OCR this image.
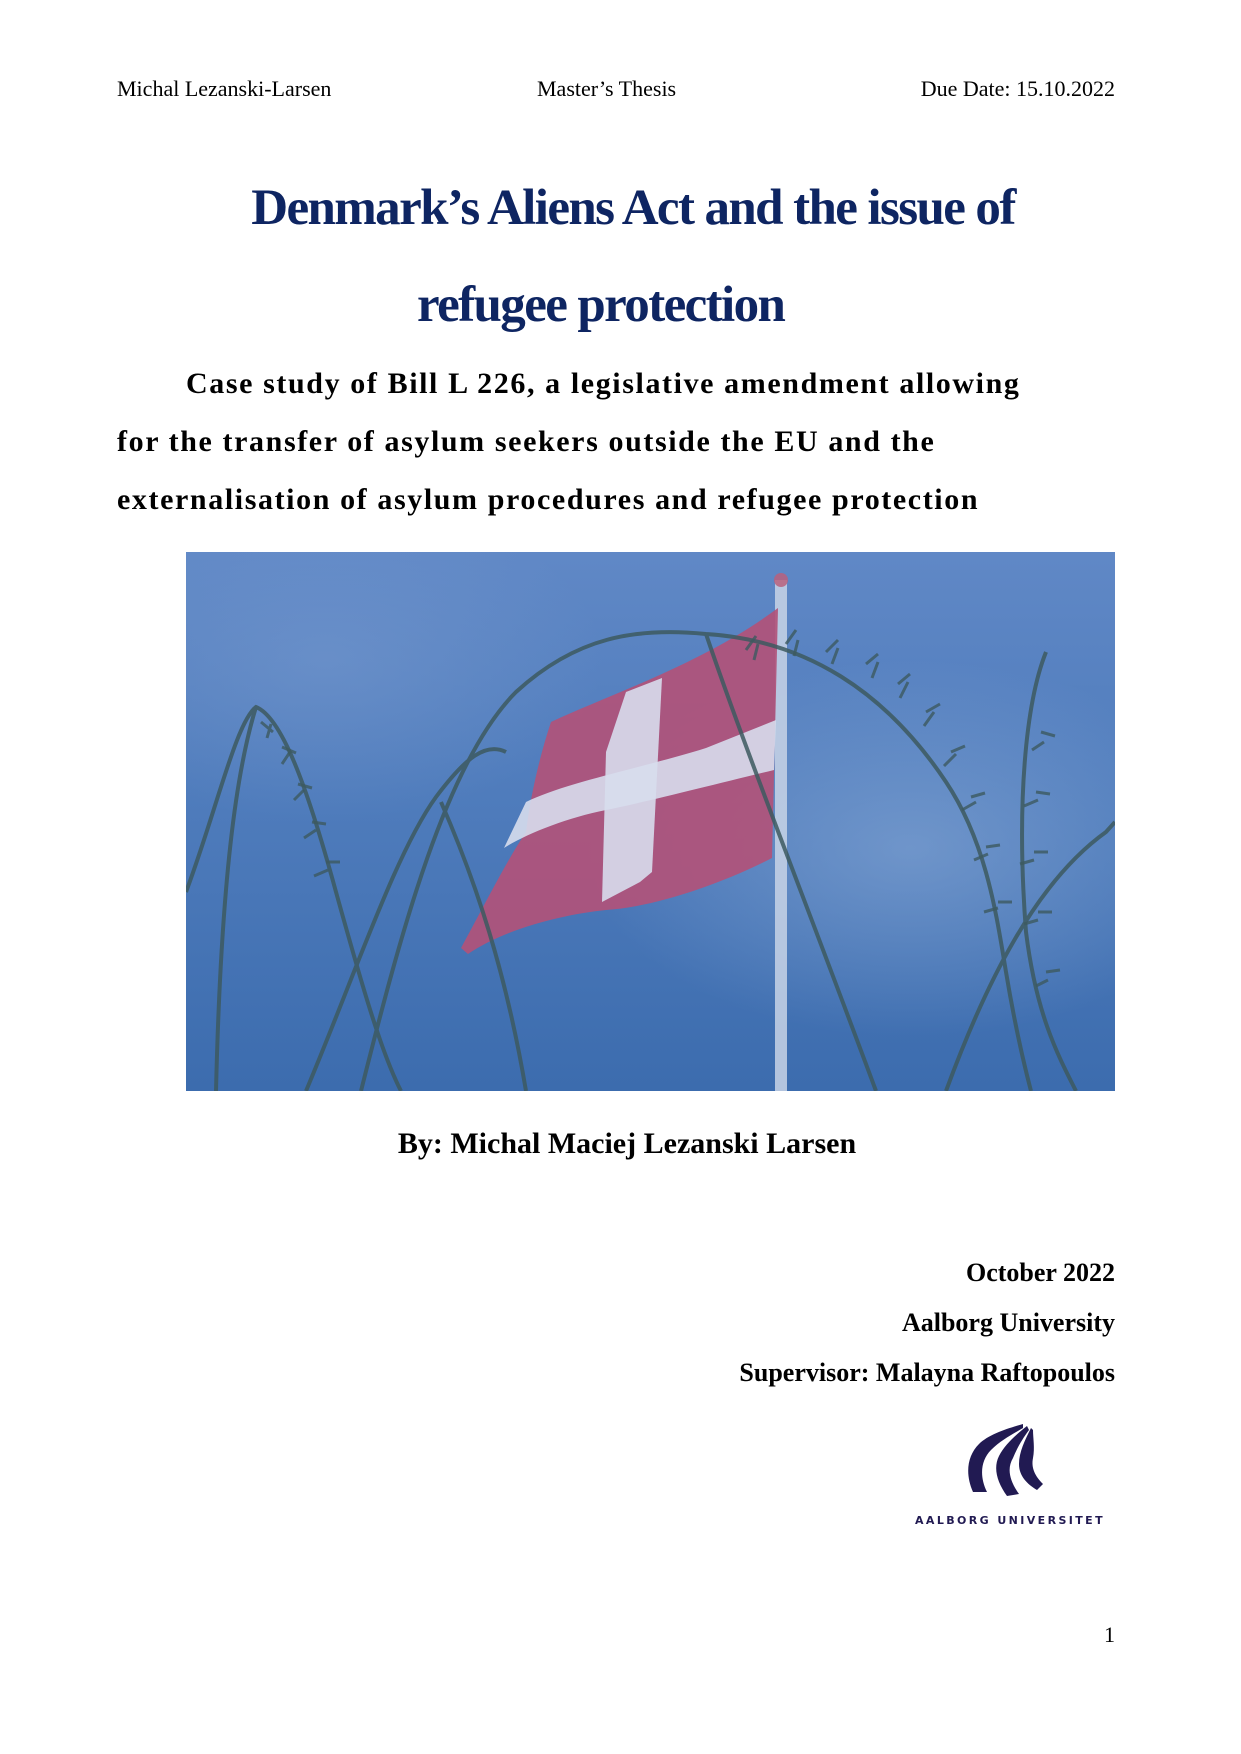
Michal Lezanski-Larsen	Master’s Thesis	Due Date: 15.10.2022
Denmark’s Aliens Act and the issue of
refugee protection
Case study of Bill L 226, a legislative amendment allowing
for the transfer of asylum seekers outside the EU and the
externalisation of asylum procedures and refugee protection
By: Michal Maciej Lezanski Larsen
October 2022
Aalborg University
Supervisor: Malayna Raftopoulos
AALBORG UNIVERSITET
1
